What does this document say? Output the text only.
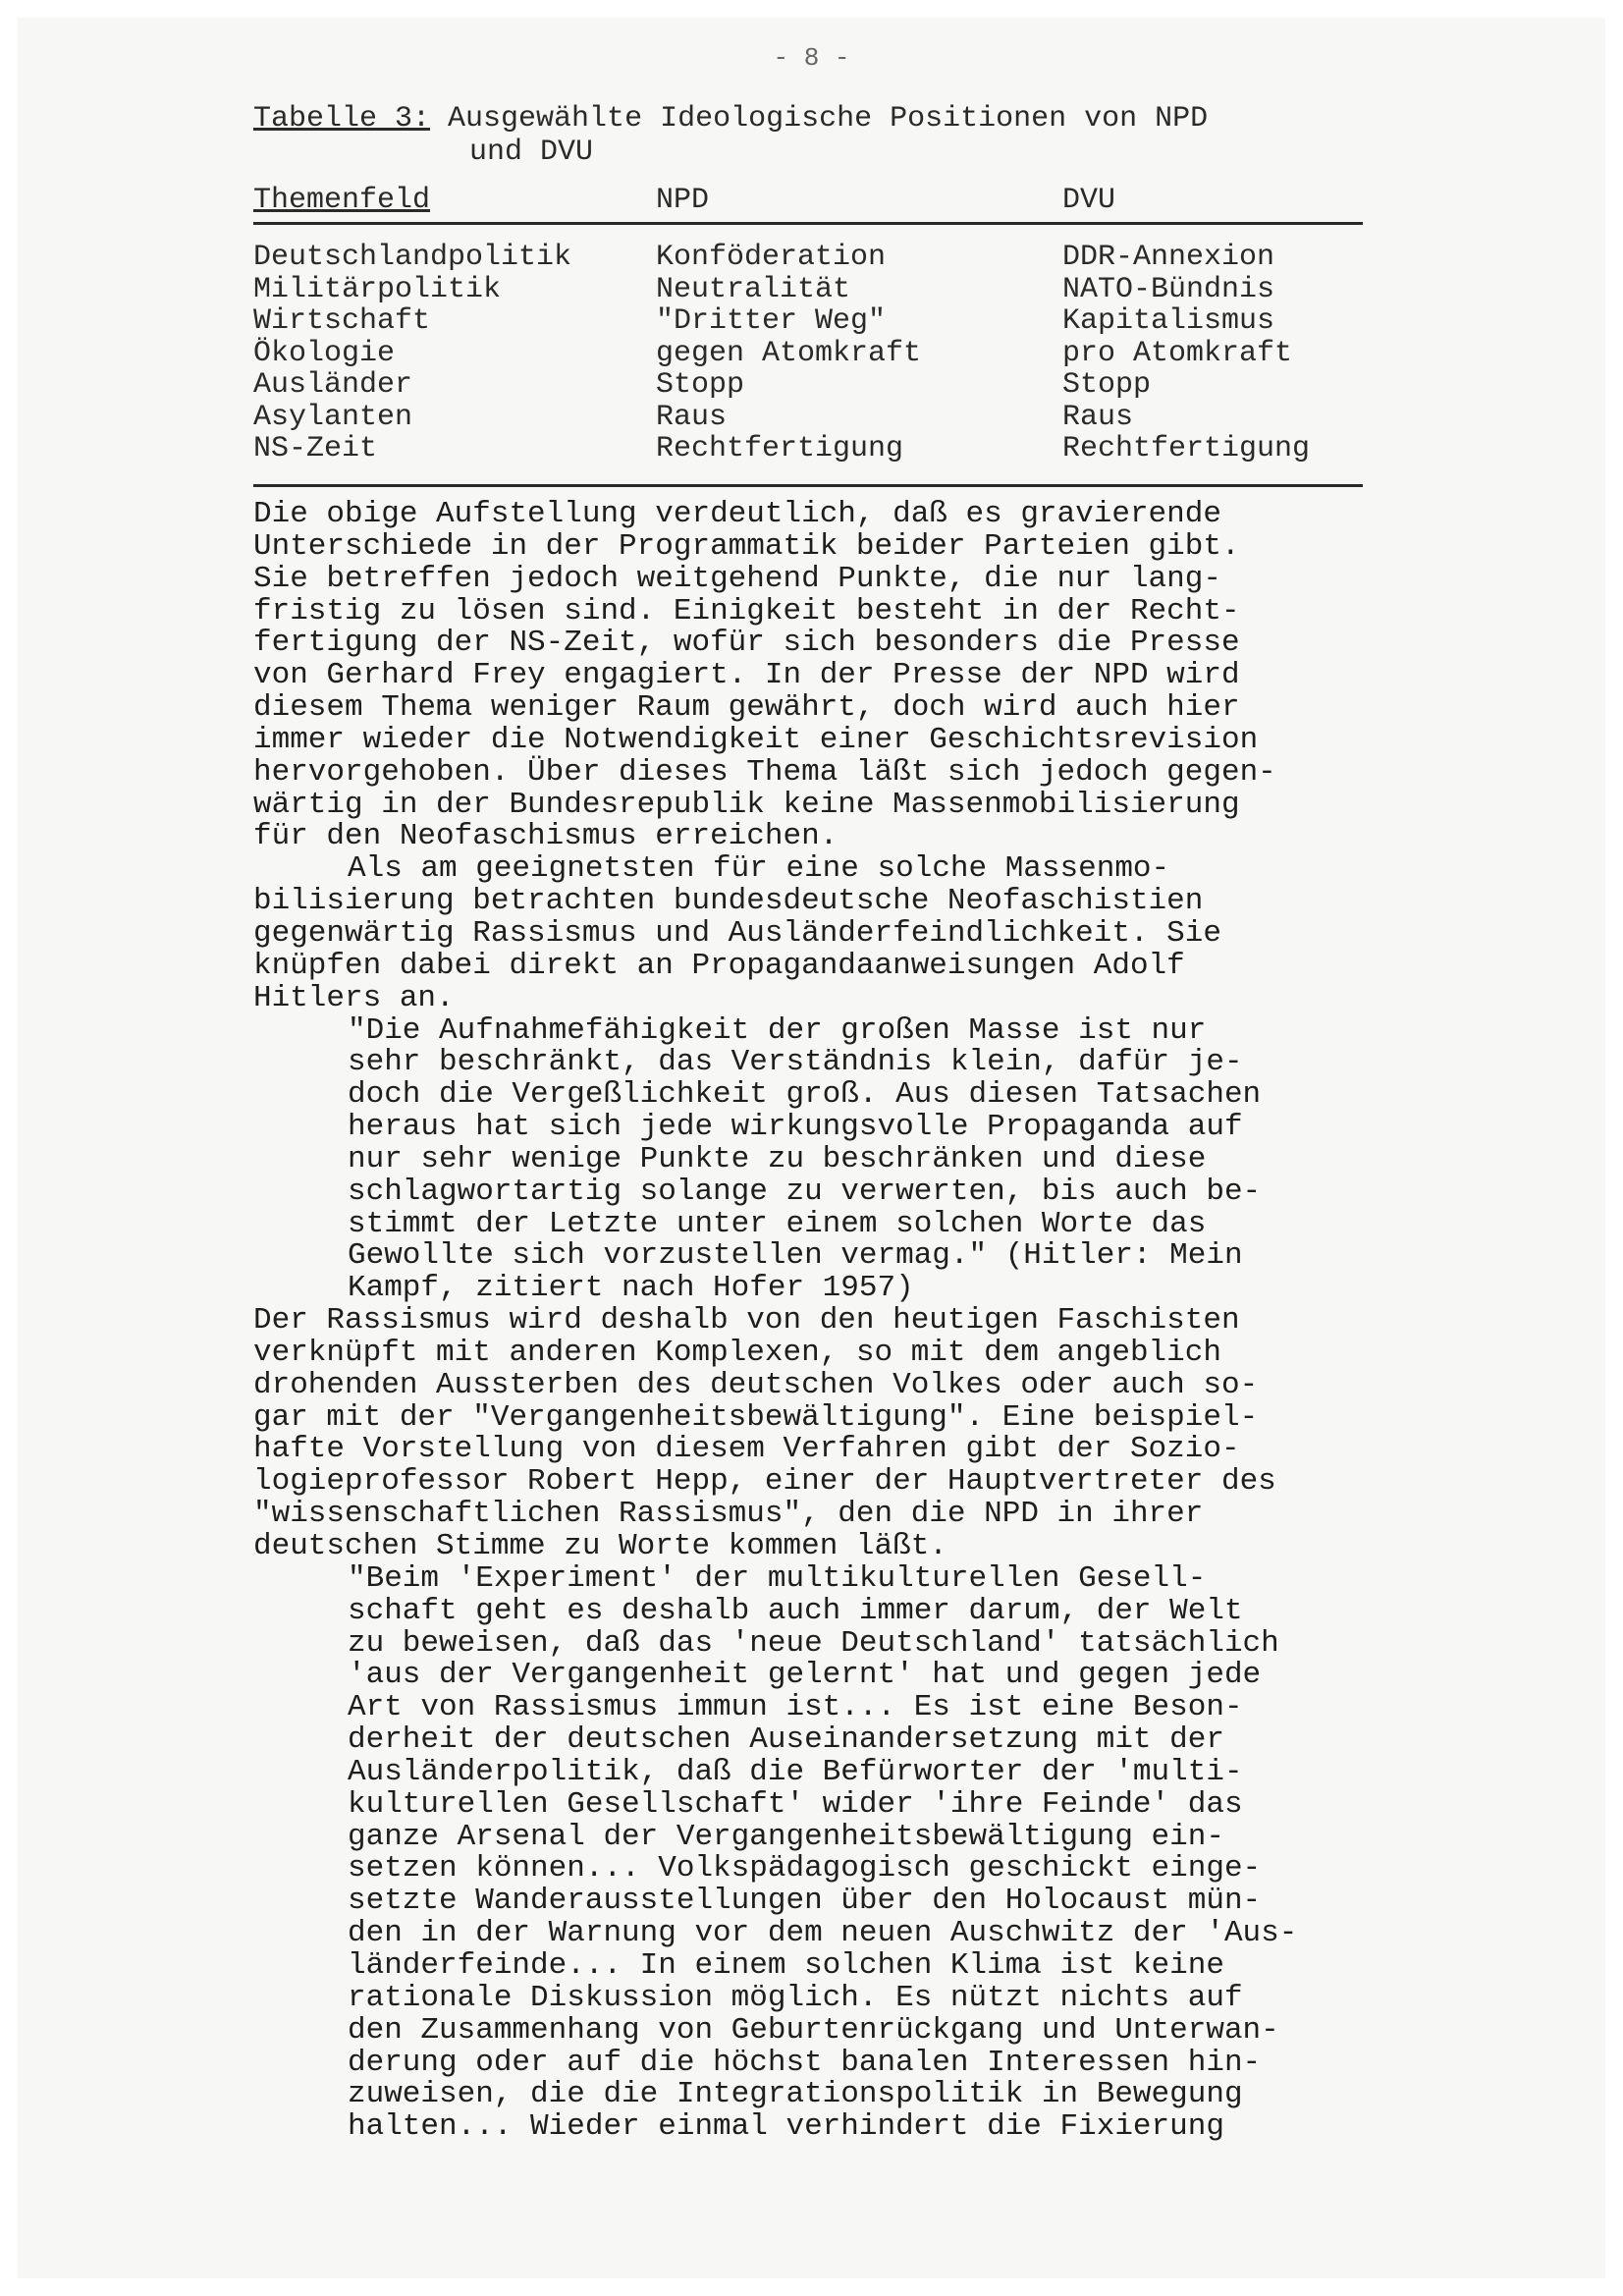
- 8 -
Tabelle 3: Ausgewählte Ideologische Positionen von NPD
und DVU
Themenfeld	NPD	DVU
Deutschlandpolitik
Militärpolitik
Wirtschaft
Ökologie
Ausländer
Asylanten
NS-Zeit
Konföderation
Neutralität
"Dritter Weg"
gegen Atomkraft
Stopp
Raus
Rechtfertigung
DDR-Annexion
NATO-Bündnis
Kapitalismus
pro Atomkraft
Stopp
Raus
Rechtfertigung
Die obige Aufstellung verdeutlich, daß es gravierende
Unterschiede in der Programmatik beider Parteien gibt.
Sie betreffen jedoch weitgehend Punkte, die nur lang-
fristig zu lösen sind. Einigkeit besteht in der Recht-
fertigung der NS-Zeit, wofür sich besonders die Presse
von Gerhard Frey engagiert. In der Presse der NPD wird
diesem Thema weniger Raum gewährt, doch wird auch hier
immer wieder die Notwendigkeit einer Geschichtsrevision
hervorgehoben. Über dieses Thema läßt sich jedoch gegen-
wärtig in der Bundesrepublik keine Massenmobilisierung
für den Neofaschismus erreichen.
Als am geeignetsten für eine solche Massenmo-
bilisierung betrachten bundesdeutsche Neofaschistien
gegenwärtig Rassismus und Ausländerfeindlichkeit. Sie
knüpfen dabei direkt an Propagandaanweisungen Adolf
Hitlers an.
"Die Aufnahmefähigkeit der großen Masse ist nur
sehr beschränkt, das Verständnis klein, dafür je-
doch die Vergeßlichkeit groß. Aus diesen Tatsachen
heraus hat sich jede wirkungsvolle Propaganda auf
nur sehr wenige Punkte zu beschränken und diese
schlagwortartig solange zu verwerten, bis auch be-
stimmt der Letzte unter einem solchen Worte das
Gewollte sich vorzustellen vermag." (Hitler: Mein
Kampf, zitiert nach Hofer 1957)
Der Rassismus wird deshalb von den heutigen Faschisten
verknüpft mit anderen Komplexen, so mit dem angeblich
drohenden Aussterben des deutschen Volkes oder auch so-
gar mit der "Vergangenheitsbewältigung". Eine beispiel-
hafte Vorstellung von diesem Verfahren gibt der Sozio-
logieprofessor Robert Hepp, einer der Hauptvertreter des
"wissenschaftlichen Rassismus", den die NPD in ihrer
deutschen Stimme zu Worte kommen läßt.
"Beim 'Experiment' der multikulturellen Gesell-
schaft geht es deshalb auch immer darum, der Welt
zu beweisen, daß das 'neue Deutschland' tatsächlich
'aus der Vergangenheit gelernt' hat und gegen jede
Art von Rassismus immun ist... Es ist eine Beson-
derheit der deutschen Auseinandersetzung mit der
Ausländerpolitik, daß die Befürworter der 'multi-
kulturellen Gesellschaft' wider 'ihre Feinde' das
ganze Arsenal der Vergangenheitsbewältigung ein-
setzen können... Volkspädagogisch geschickt einge-
setzte Wanderausstellungen über den Holocaust mün-
den in der Warnung vor dem neuen Auschwitz der 'Aus-
länderfeinde... In einem solchen Klima ist keine
rationale Diskussion möglich. Es nützt nichts auf
den Zusammenhang von Geburtenrückgang und Unterwan-
derung oder auf die höchst banalen Interessen hin-
zuweisen, die die Integrationspolitik in Bewegung
halten... Wieder einmal verhindert die Fixierung
